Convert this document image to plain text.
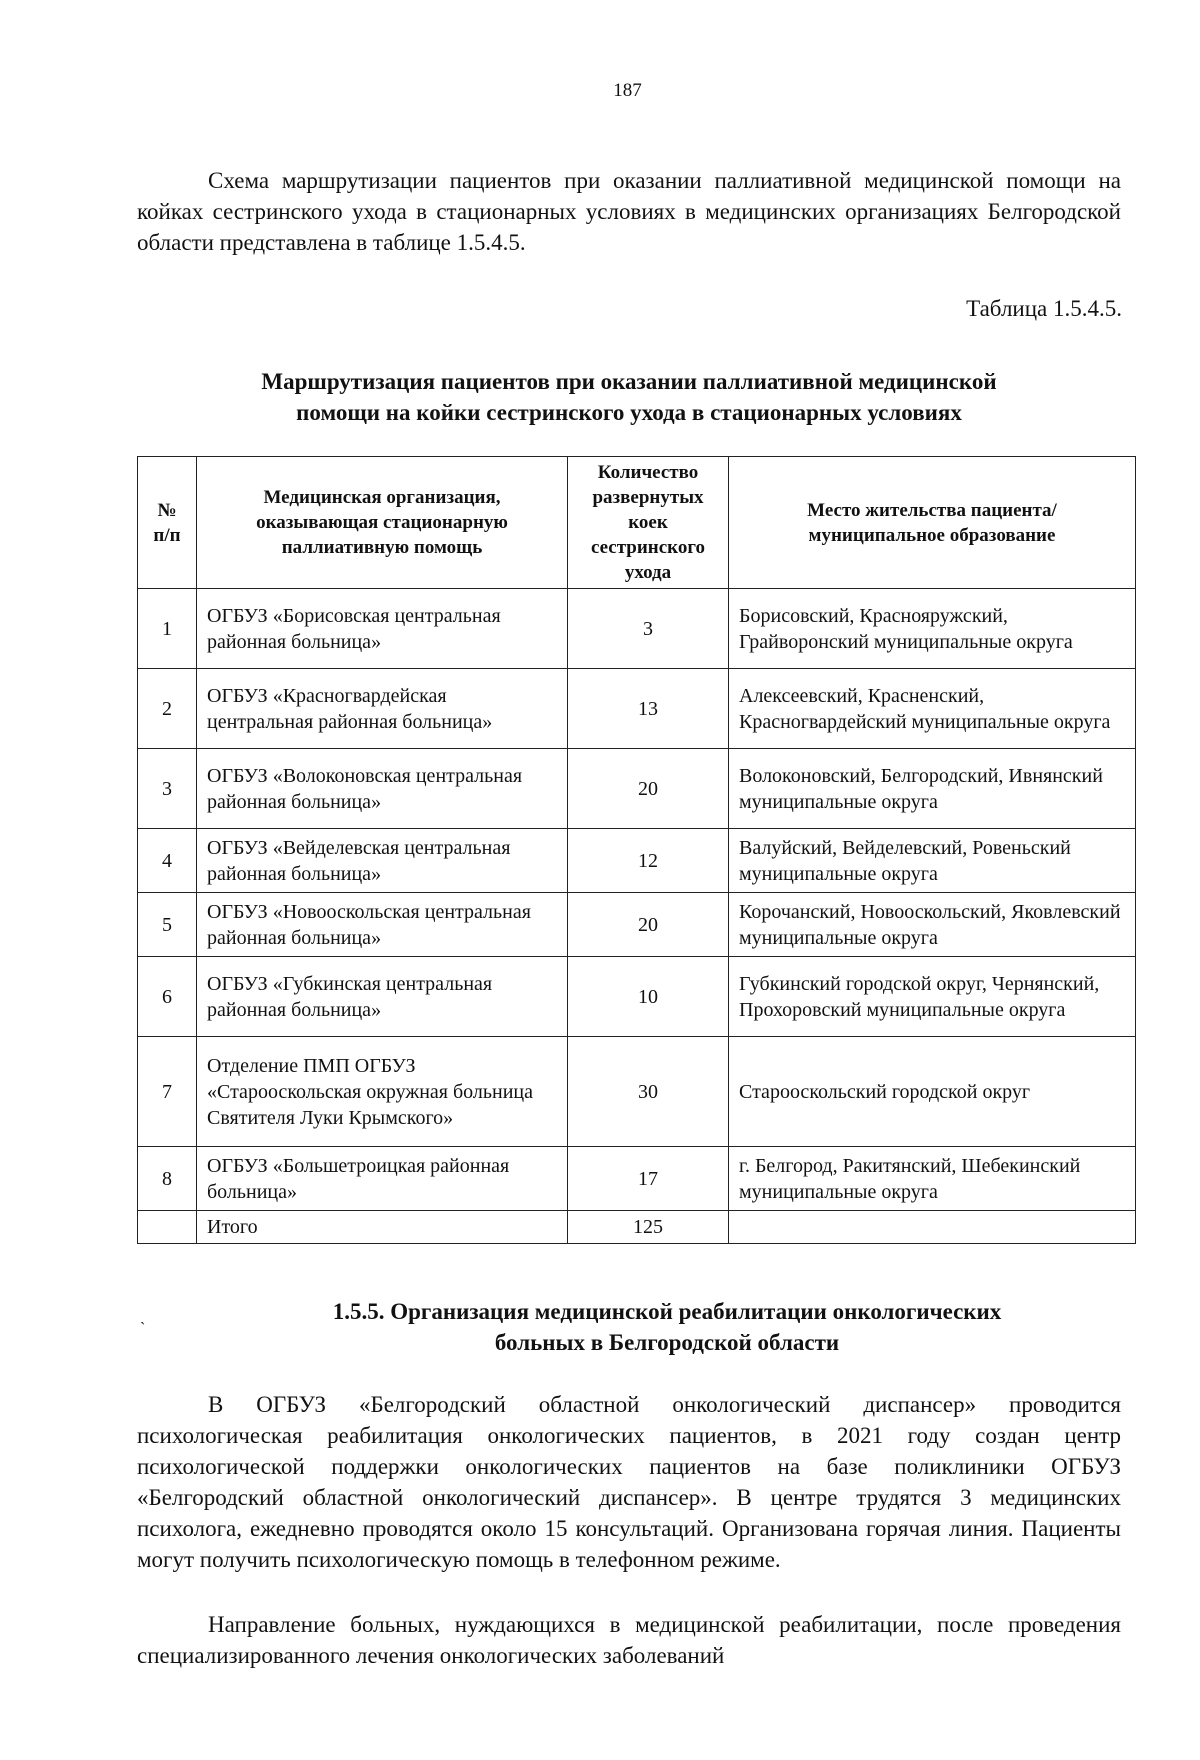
187

Схема маршрутизации пациентов при оказании паллиативной медицинской помощи на койках сестринского ухода в стационарных условиях в медицинских организациях Белгородской области представлена в таблице 1.5.4.5.

Таблица 1.5.4.5.
Маршрутизация пациентов при оказании паллиативной медицинской
помощи на койки сестринского ухода в стационарных условиях
№ п/п	Медицинская организация, оказывающая стационарную паллиативную помощь	Количество развернутых коек сестринского ухода	Место жительства пациента/ муниципальное образование
1	ОГБУЗ «Борисовская центральная районная больница»	3	Борисовский, Краснояружский, Грайворонский муниципальные округа
2	ОГБУЗ «Красногвардейская центральная районная больница»	13	Алексеевский, Красненский, Красногвардейский муниципальные округа
3	ОГБУЗ «Волоконовская центральная районная больница»	20	Волоконовский, Белгородский, Ивнянский муниципальные округа
4	ОГБУЗ «Вейделевская центральная районная больница»	12	Валуйский, Вейделевский, Ровеньский муниципальные округа
5	ОГБУЗ «Новооскольская центральная районная больница»	20	Корочанский, Новооскольский, Яковлевский муниципальные округа
6	ОГБУЗ «Губкинская центральная районная больница»	10	Губкинский городской округ, Чернянский, Прохоровский муниципальные округа
7	Отделение ПМП ОГБУЗ «Старооскольская окружная больница Святителя Луки Крымского»	30	Старооскольский городской округ
8	ОГБУЗ «Большетроицкая районная больница»	17	г. Белгород, Ракитянский, Шебекинский муниципальные округа
	Итого	125	
ˋ
1.5.5. Организация медицинской реабилитации онкологических
больных в Белгородской области

В ОГБУЗ «Белгородский областной онкологический диспансер» проводится психологическая реабилитация онкологических пациентов, в 2021 году создан центр психологической поддержки онкологических пациентов на базе поликлиники ОГБУЗ «Белгородский областной онкологический диспансер». В центре трудятся 3 медицинских психолога, ежедневно проводятся около 15 консультаций. Организована горячая линия. Пациенты могут получить психологическую помощь в телефонном режиме.

Направление больных, нуждающихся в медицинской реабилитации, после проведения специализированного лечения онкологических заболеваний
